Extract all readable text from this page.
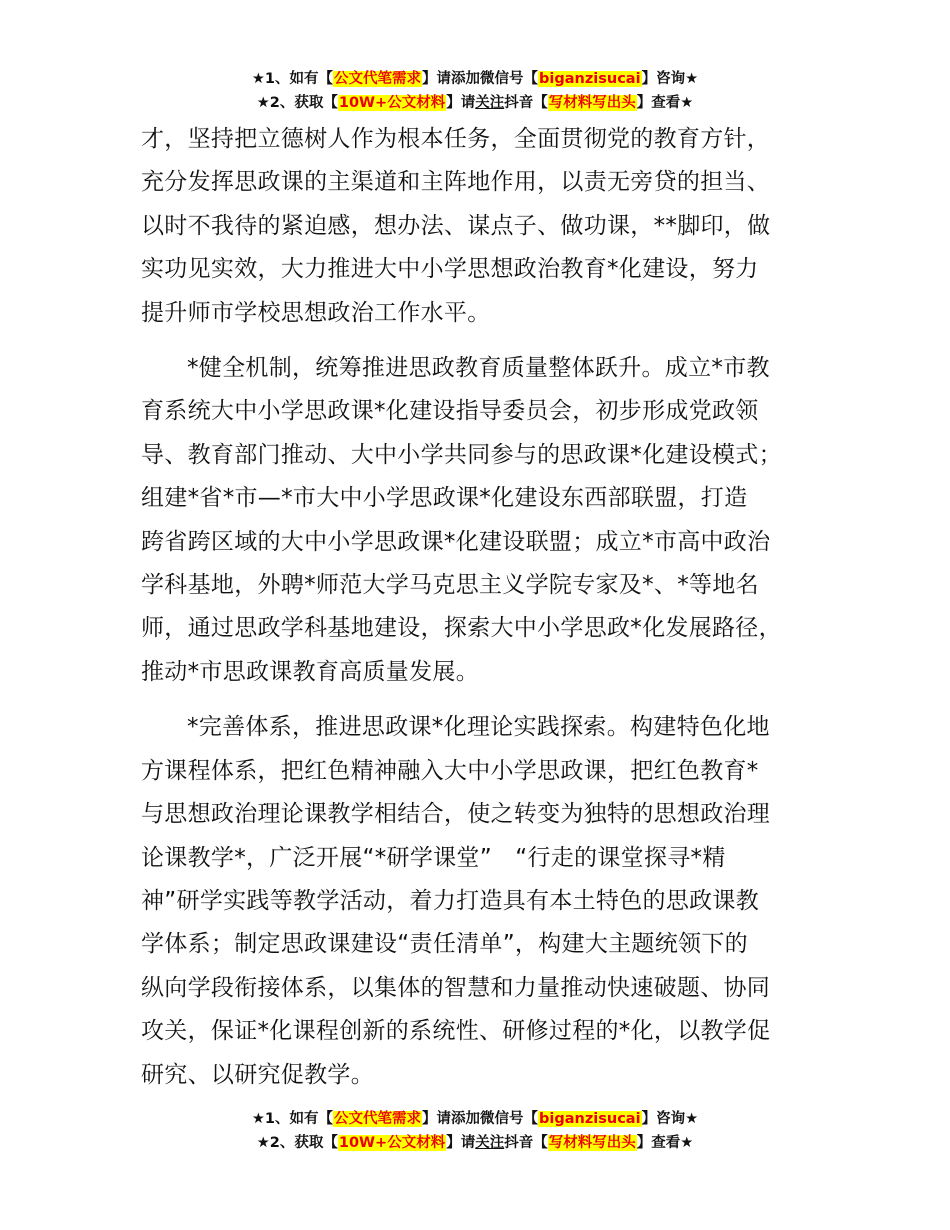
★1、如有【公文代笔需求】请添加微信号【biganzisucai】咨询★
★2、获取【10W+公文材料】请关注抖音【写材料写出头】查看★

才，坚持把立德树人作为根本任务，全面贯彻党的教育方针，
充分发挥思政课的主渠道和主阵地作用，以责无旁贷的担当、
以时不我待的紧迫感，想办法、谋点子、做功课，**脚印，做
实功见实效，大力推进大中小学思想政治教育*化建设，努力
提升师市学校思想政治工作水平。

*健全机制，统筹推进思政教育质量整体跃升。成立*市教
育系统大中小学思政课*化建设指导委员会，初步形成党政领
导、教育部门推动、大中小学共同参与的思政课*化建设模式；
组建*省*市—*市大中小学思政课*化建设东西部联盟，打造
跨省跨区域的大中小学思政课*化建设联盟；成立*市高中政治
学科基地，外聘*师范大学马克思主义学院专家及*、*等地名
师，通过思政学科基地建设，探索大中小学思政*化发展路径，
推动*市思政课教育高质量发展。

*完善体系，推进思政课*化理论实践探索。构建特色化地
方课程体系，把红色精神融入大中小学思政课，把红色教育*
与思想政治理论课教学相结合，使之转变为独特的思想政治理
论课教学*，广泛开展“*研学课堂”　“行走的课堂探寻*精
神”研学实践等教学活动，着力打造具有本土特色的思政课教
学体系；制定思政课建设“责任清单”，构建大主题统领下的
纵向学段衔接体系，以集体的智慧和力量推动快速破题、协同
攻关，保证*化课程创新的系统性、研修过程的*化，以教学促
研究、以研究促教学。

★1、如有【公文代笔需求】请添加微信号【biganzisucai】咨询★
★2、获取【10W+公文材料】请关注抖音【写材料写出头】查看★
